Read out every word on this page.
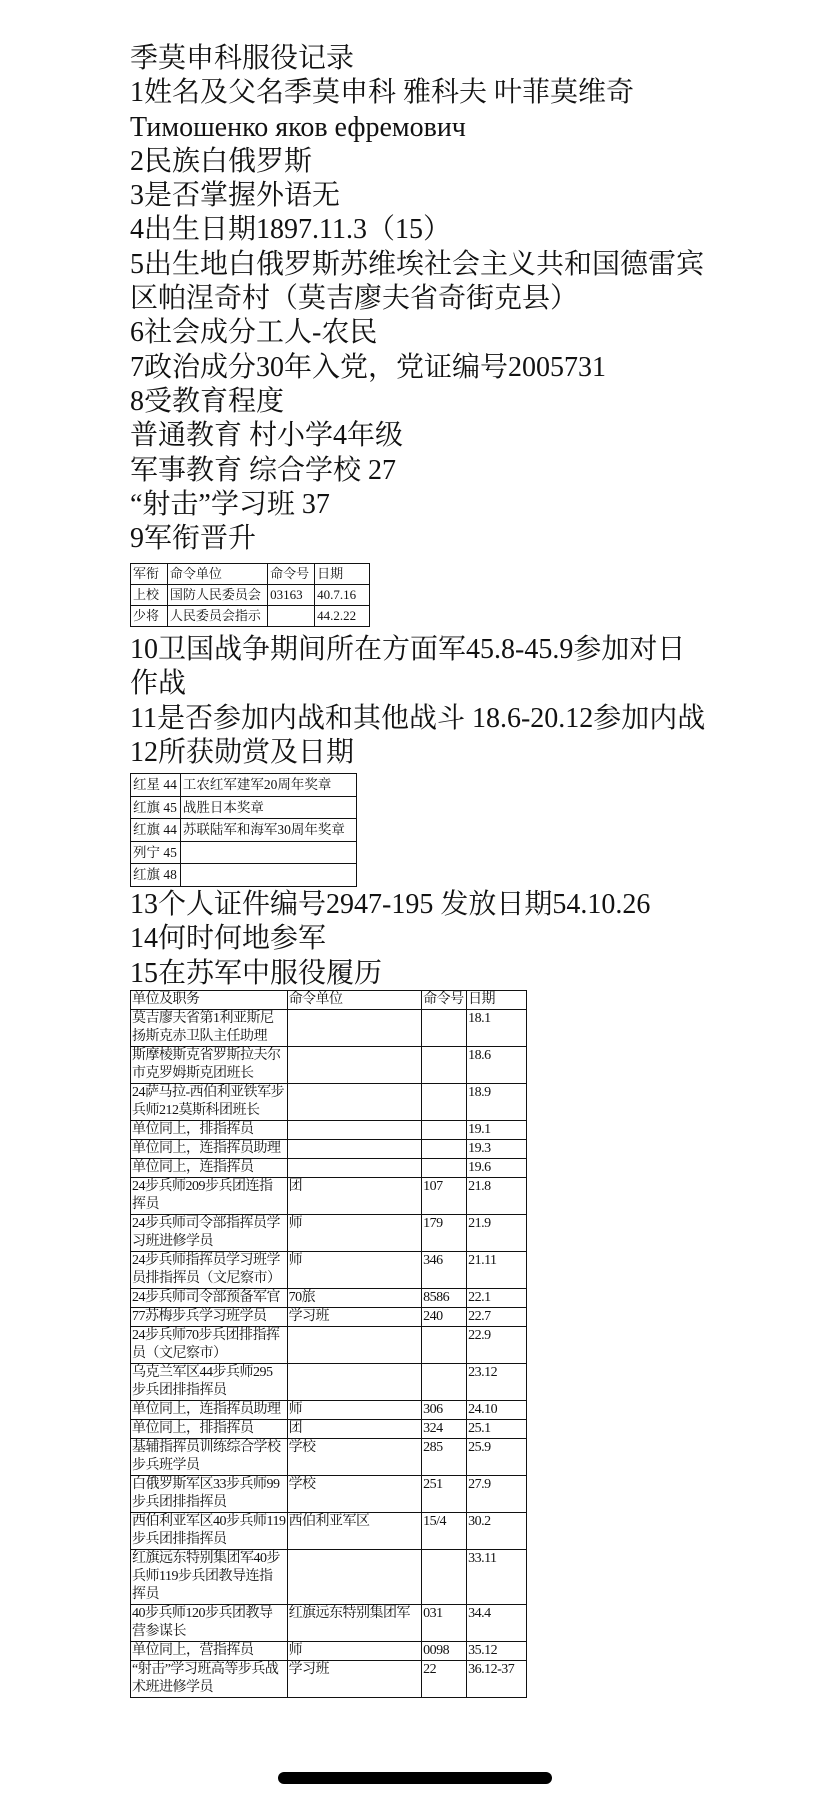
季莫申科服役记录
1姓名及父名季莫申科 雅科夫 叶菲莫维奇
Тимошенко яков ефремович
2民族白俄罗斯
3是否掌握外语无
4出生日期1897.11.3（15）
5出生地白俄罗斯苏维埃社会主义共和国德雷宾
区帕涅奇村（莫吉廖夫省奇街克县）
6社会成分工人-农民
7政治成分30年入党，党证编号2005731
8受教育程度
普通教育 村小学4年级
军事教育 综合学校 27
“射击”学习班 37
9军衔晋升
军衔	命令单位	命令号	日期
上校	国防人民委员会	03163	40.7.16
少将	人民委员会指示		44.2.22
10卫国战争期间所在方面军45.8-45.9参加对日
作战
11是否参加内战和其他战斗 18.6-20.12参加内战
12所获勋赏及日期
红星 44	工农红军建军20周年奖章
红旗 45	战胜日本奖章
红旗 44	苏联陆军和海军30周年奖章
列宁 45	
红旗 48	
13个人证件编号2947-195 发放日期54.10.26
14何时何地参军
15在苏军中服役履历
单位及职务	命令单位	命令号	日期
莫吉廖夫省第1利亚斯尼扬斯克赤卫队主任助理			18.1
斯摩棱斯克省罗斯拉夫尔市克罗姆斯克团班长			18.6
24萨马拉-西伯利亚铁军步兵师212莫斯科团班长			18.9
单位同上，排指挥员			19.1
单位同上，连指挥员助理			19.3
单位同上，连指挥员			19.6
24步兵师209步兵团连指挥员	团	107	21.8
24步兵师司令部指挥员学习班进修学员	师	179	21.9
24步兵师指挥员学习班学员排指挥员（文尼察市）	师	346	21.11
24步兵师司令部预备军官	70旅	8586	22.1
77苏梅步兵学习班学员	学习班	240	22.7
24步兵师70步兵团排指挥员（文尼察市）			22.9
乌克兰军区44步兵师295步兵团排指挥员			23.12
单位同上，连指挥员助理	师	306	24.10
单位同上，排指挥员	团	324	25.1
基辅指挥员训练综合学校步兵班学员	学校	285	25.9
白俄罗斯军区33步兵师99步兵团排指挥员	学校	251	27.9
西伯利亚军区40步兵师119步兵团排指挥员	西伯利亚军区	15/4	30.2
红旗远东特别集团军40步兵师119步兵团教导连指挥员			33.11
40步兵师120步兵团教导营参谋长	红旗远东特别集团军	031	34.4
单位同上，营指挥员	师	0098	35.12
“射击”学习班高等步兵战术班进修学员	学习班	22	36.12-37
